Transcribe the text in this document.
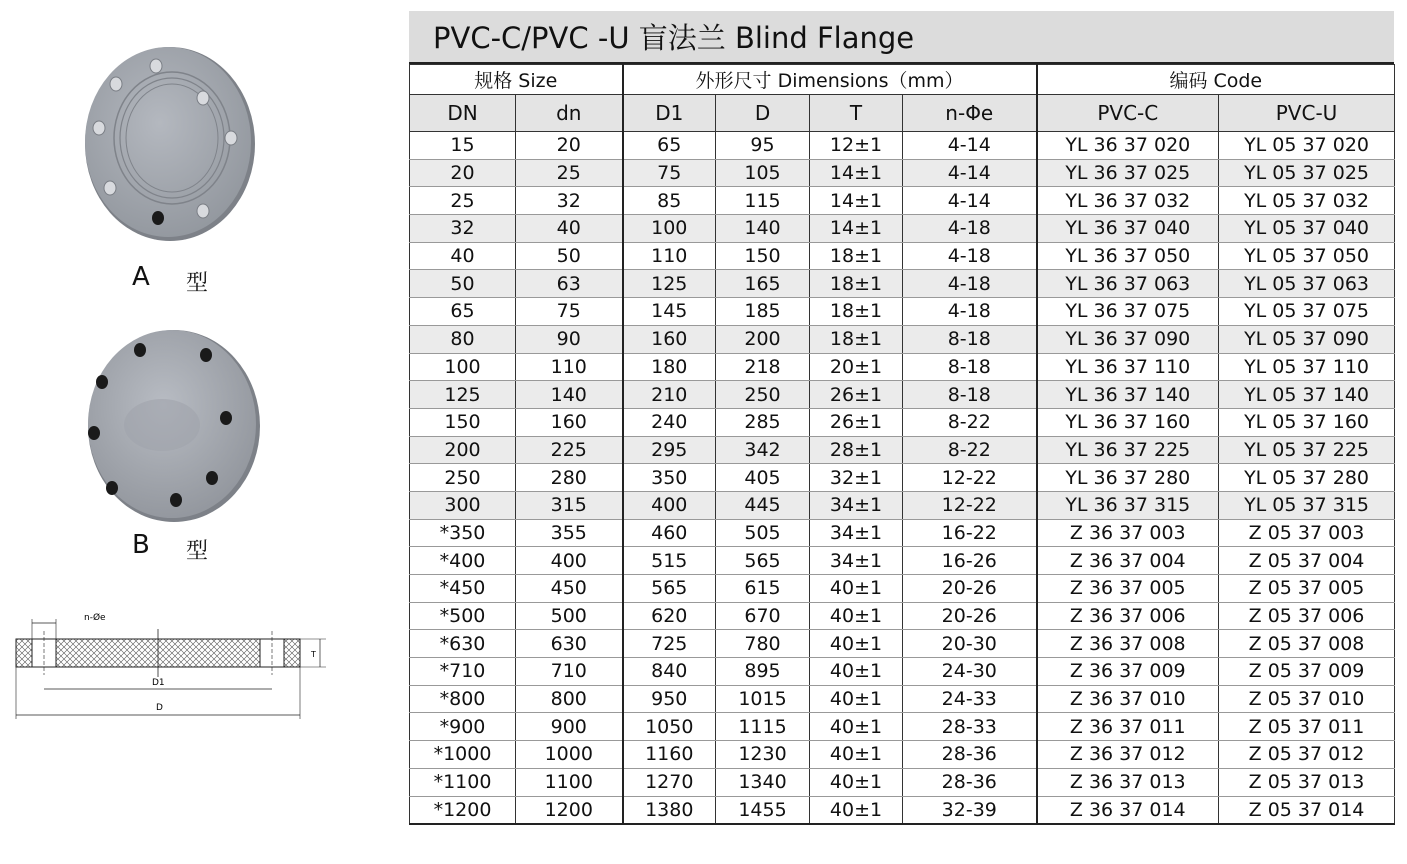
A 型
B 型
n-Øe
T
D1
D
PVC-C/PVC -U 盲法兰 Blind Flange
规格 Size		外形尺寸 Dimensions（mm）				编码 Code	
DN	dn	D1	D	T	n-Φe	PVC-C	PVC-U
15	20	65	95	12±1	4-14	YL 36 37 020	YL 05 37 020
20	25	75	105	14±1	4-14	YL 36 37 025	YL 05 37 025
25	32	85	115	14±1	4-14	YL 36 37 032	YL 05 37 032
32	40	100	140	14±1	4-18	YL 36 37 040	YL 05 37 040
40	50	110	150	18±1	4-18	YL 36 37 050	YL 05 37 050
50	63	125	165	18±1	4-18	YL 36 37 063	YL 05 37 063
65	75	145	185	18±1	4-18	YL 36 37 075	YL 05 37 075
80	90	160	200	18±1	8-18	YL 36 37 090	YL 05 37 090
100	110	180	218	20±1	8-18	YL 36 37 110	YL 05 37 110
125	140	210	250	26±1	8-18	YL 36 37 140	YL 05 37 140
150	160	240	285	26±1	8-22	YL 36 37 160	YL 05 37 160
200	225	295	342	28±1	8-22	YL 36 37 225	YL 05 37 225
250	280	350	405	32±1	12-22	YL 36 37 280	YL 05 37 280
300	315	400	445	34±1	12-22	YL 36 37 315	YL 05 37 315
*350	355	460	505	34±1	16-22	Z 36 37 003	Z 05 37 003
*400	400	515	565	34±1	16-26	Z 36 37 004	Z 05 37 004
*450	450	565	615	40±1	20-26	Z 36 37 005	Z 05 37 005
*500	500	620	670	40±1	20-26	Z 36 37 006	Z 05 37 006
*630	630	725	780	40±1	20-30	Z 36 37 008	Z 05 37 008
*710	710	840	895	40±1	24-30	Z 36 37 009	Z 05 37 009
*800	800	950	1015	40±1	24-33	Z 36 37 010	Z 05 37 010
*900	900	1050	1115	40±1	28-33	Z 36 37 011	Z 05 37 011
*1000	1000	1160	1230	40±1	28-36	Z 36 37 012	Z 05 37 012
*1100	1100	1270	1340	40±1	28-36	Z 36 37 013	Z 05 37 013
*1200	1200	1380	1455	40±1	32-39	Z 36 37 014	Z 05 37 014
